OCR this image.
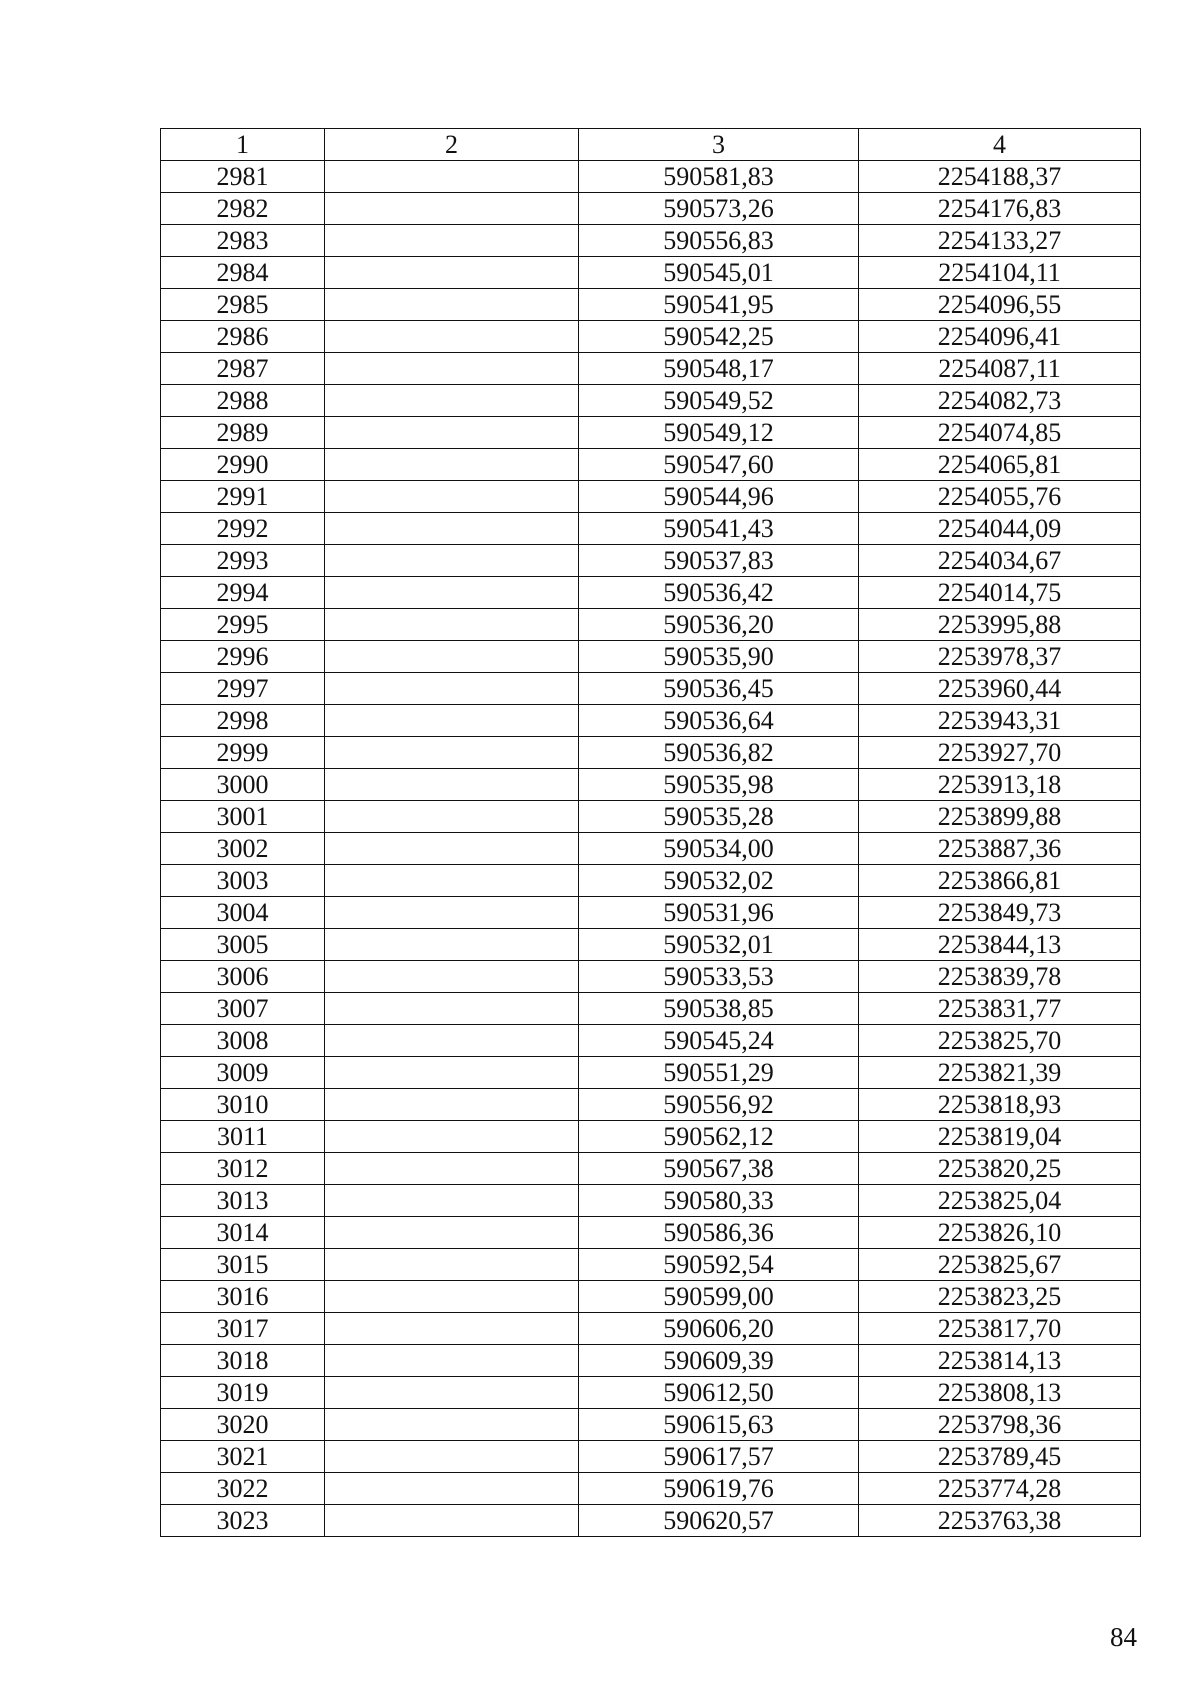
1	2	3	4
2981		590581,83	2254188,37
2982		590573,26	2254176,83
2983		590556,83	2254133,27
2984		590545,01	2254104,11
2985		590541,95	2254096,55
2986		590542,25	2254096,41
2987		590548,17	2254087,11
2988		590549,52	2254082,73
2989		590549,12	2254074,85
2990		590547,60	2254065,81
2991		590544,96	2254055,76
2992		590541,43	2254044,09
2993		590537,83	2254034,67
2994		590536,42	2254014,75
2995		590536,20	2253995,88
2996		590535,90	2253978,37
2997		590536,45	2253960,44
2998		590536,64	2253943,31
2999		590536,82	2253927,70
3000		590535,98	2253913,18
3001		590535,28	2253899,88
3002		590534,00	2253887,36
3003		590532,02	2253866,81
3004		590531,96	2253849,73
3005		590532,01	2253844,13
3006		590533,53	2253839,78
3007		590538,85	2253831,77
3008		590545,24	2253825,70
3009		590551,29	2253821,39
3010		590556,92	2253818,93
3011		590562,12	2253819,04
3012		590567,38	2253820,25
3013		590580,33	2253825,04
3014		590586,36	2253826,10
3015		590592,54	2253825,67
3016		590599,00	2253823,25
3017		590606,20	2253817,70
3018		590609,39	2253814,13
3019		590612,50	2253808,13
3020		590615,63	2253798,36
3021		590617,57	2253789,45
3022		590619,76	2253774,28
3023		590620,57	2253763,38
84
